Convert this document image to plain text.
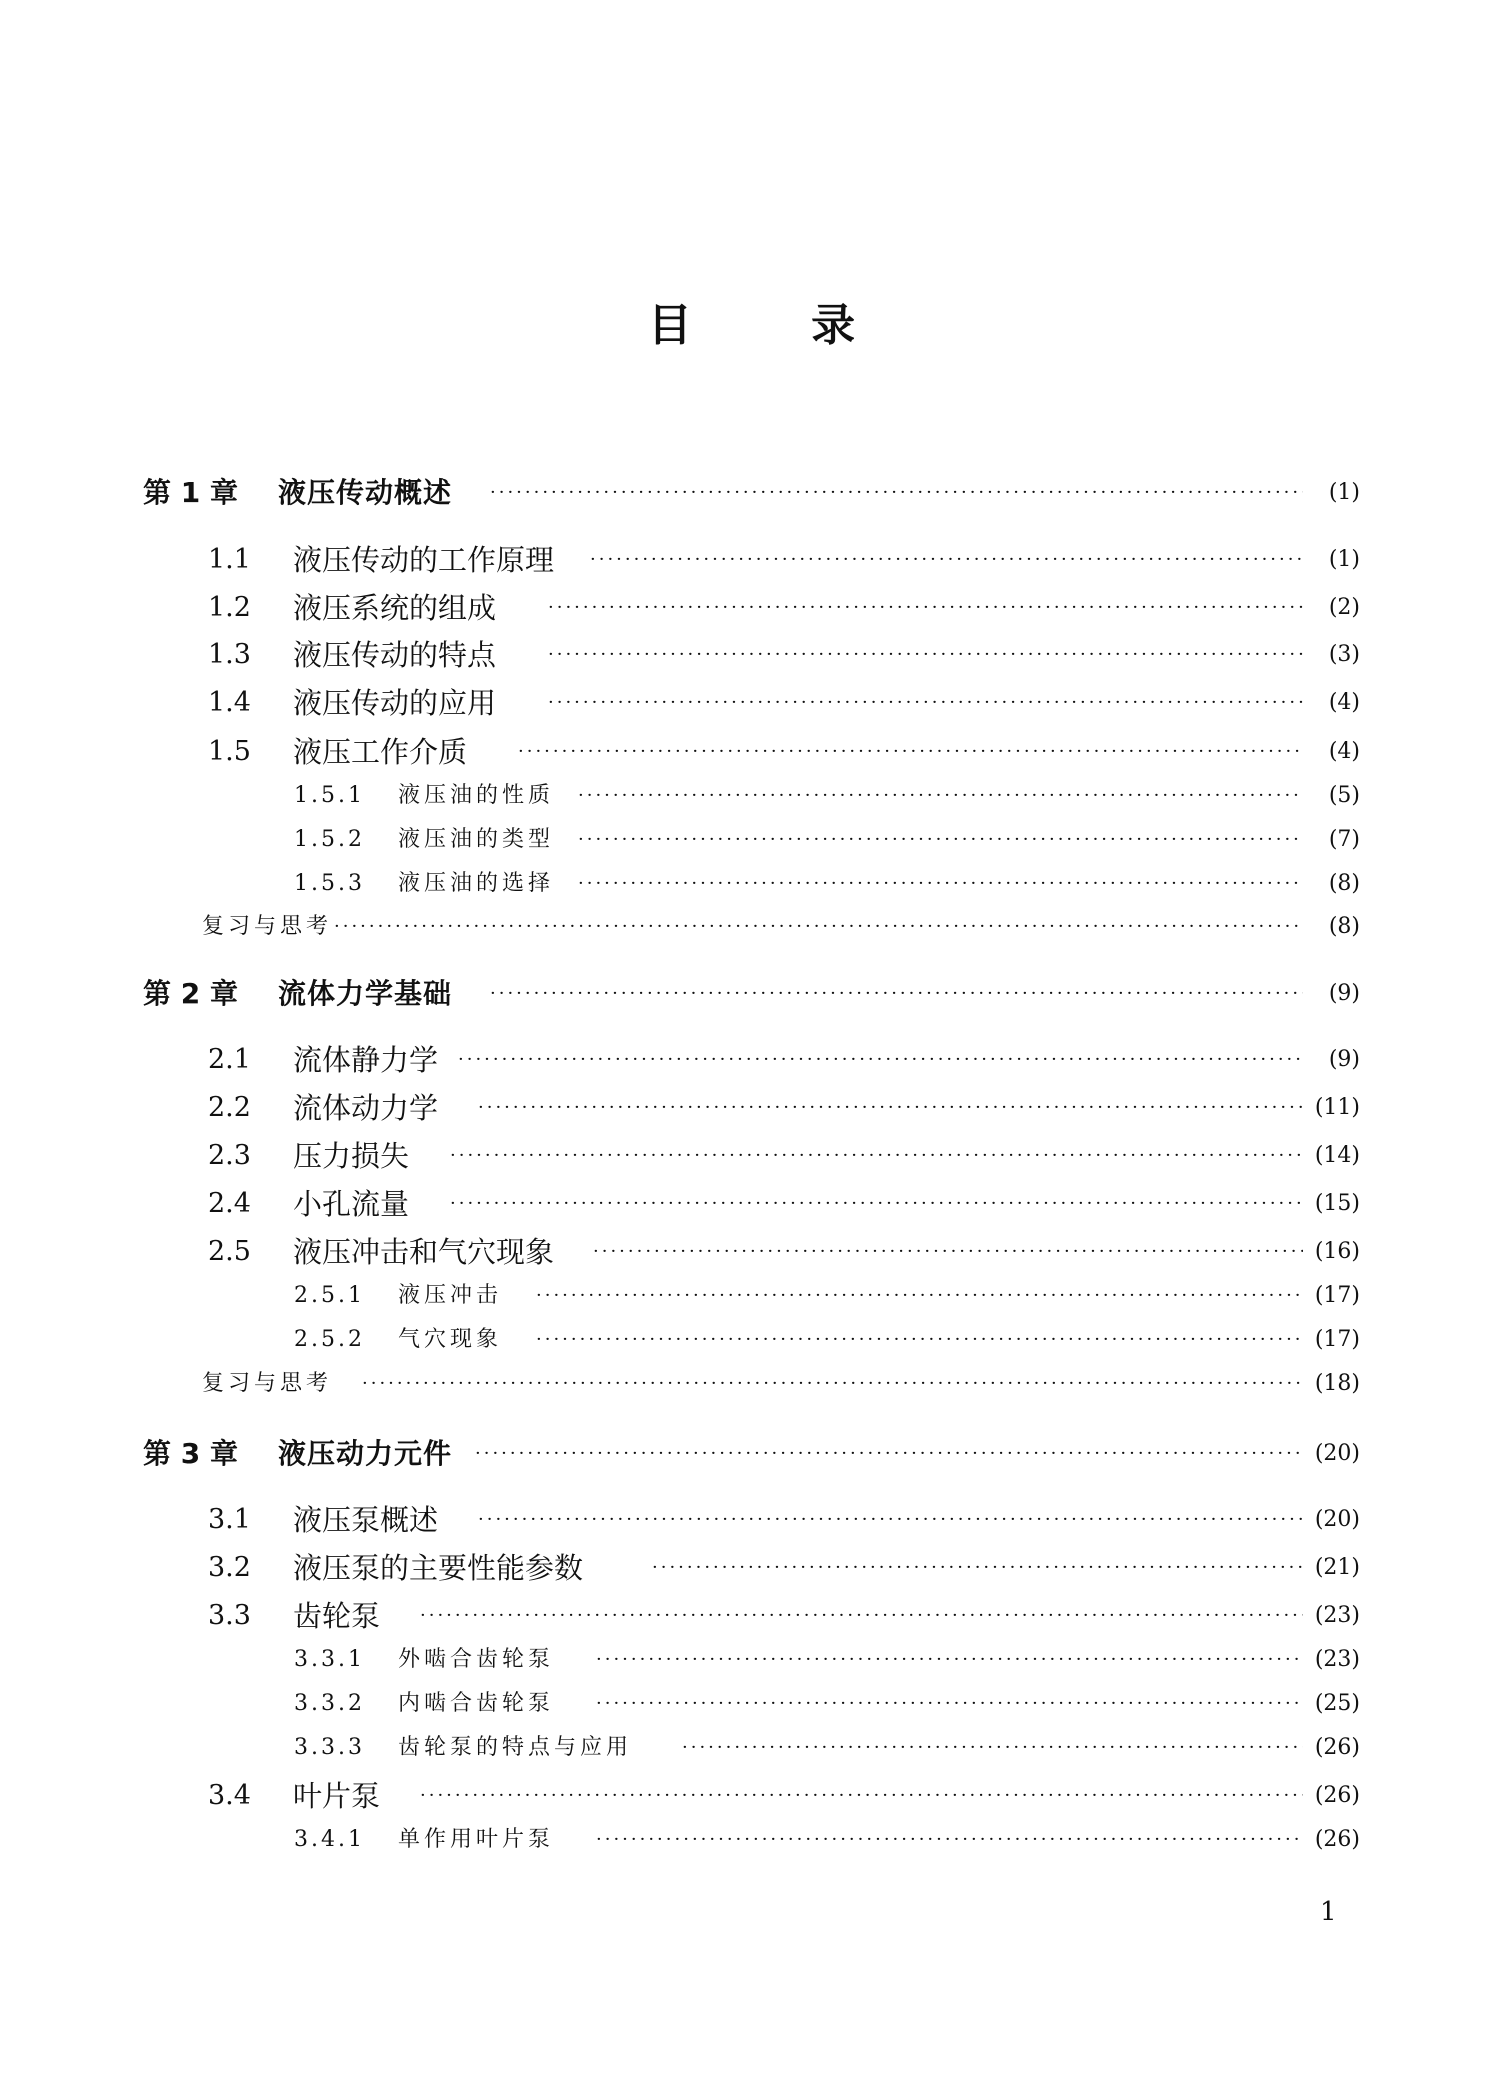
目 录
第 1 章 液压传动概述 ·····	(1)
1.1 液压传动的工作原理 ·····	(1)
1.2 液压系统的组成 ·····	(2)
1.3 液压传动的特点 ·····	(3)
1.4 液压传动的应用 ·····	(4)
1.5 液压工作介质 ·····	(4)
1.5.1 液压油的性质 ·····	(5)
1.5.2 液压油的类型 ·····	(7)
1.5.3 液压油的选择 ·····	(8)
复习与思考 ·····	(8)
第 2 章 流体力学基础 ·····	(9)
2.1 流体静力学 ·····	(9)
2.2 流体动力学 ·····	(11)
2.3 压力损失 ·····	(14)
2.4 小孔流量 ·····	(15)
2.5 液压冲击和气穴现象 ·····	(16)
2.5.1 液压冲击 ·····	(17)
2.5.2 气穴现象 ·····	(17)
复习与思考 ·····	(18)
第 3 章 液压动力元件 ·····	(20)
3.1 液压泵概述 ·····	(20)
3.2 液压泵的主要性能参数 ·····	(21)
3.3 齿轮泵 ·····	(23)
3.3.1 外啮合齿轮泵 ·····	(23)
3.3.2 内啮合齿轮泵 ·····	(25)
3.3.3 齿轮泵的特点与应用 ·····	(26)
3.4 叶片泵 ·····	(26)
3.4.1 单作用叶片泵 ·····	(26)
1
